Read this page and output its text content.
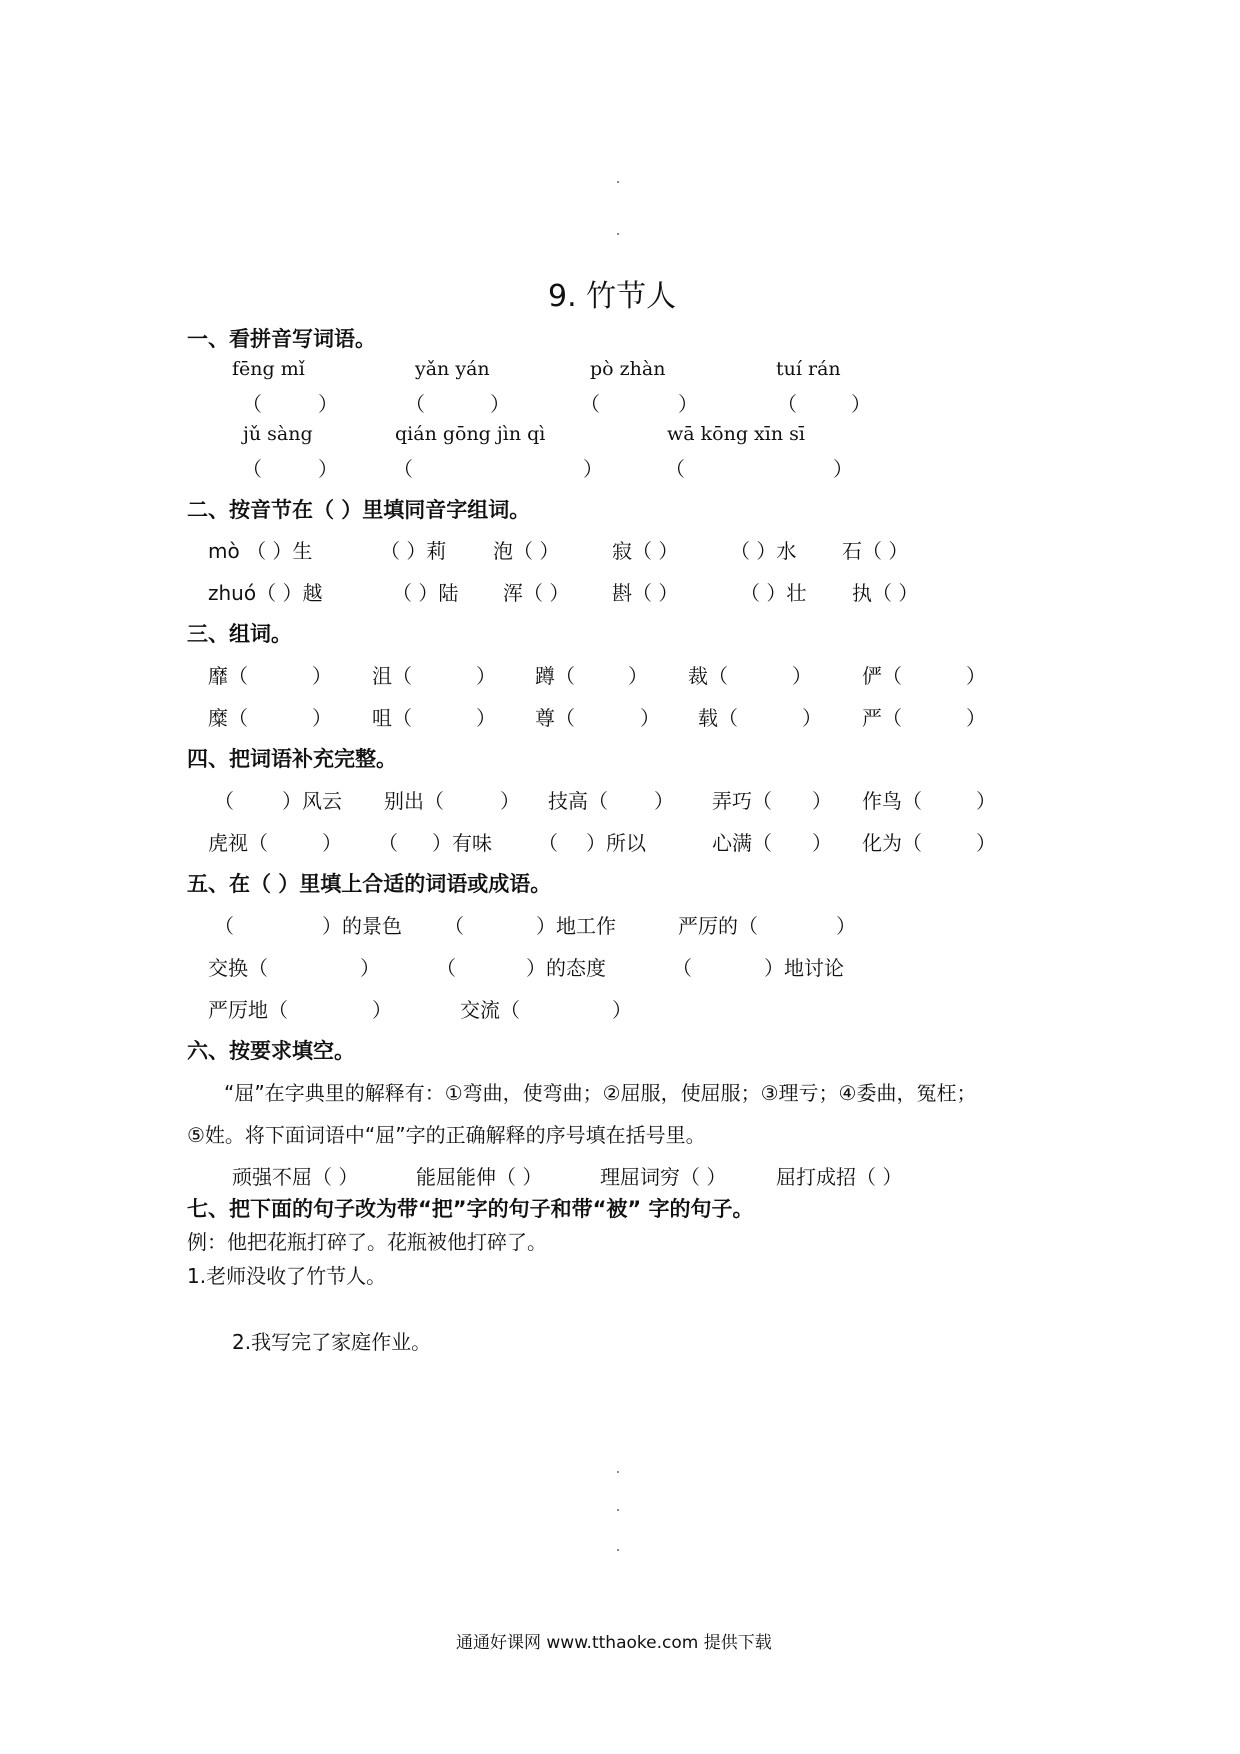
9. 竹节人
一、看拼音写词语。
fēng mǐ	yǎn yán	pò zhàn	tuí rán
（	）	（	）	（	）	（	）
jǔ sàng	qián gōng jìn qì	wā kōng xīn sī
（	）	（	）	（	）
二、按音节在（ ）里填同音字组词。
mò （ ）生	（ ）莉 泡（ ）	寂（ ）	（ ）水 石（ ）
zhuó（ ）越	（ ）陆 浑（ ） 斟（ ）	（ ）壮 执（ ）
三、组词。
靡（	） 沮（	） 蹲（	） 裁（	）	俨（	）
糜（	） 咀（	） 尊（	） 载（	） 严（	）
四、把词语补充完整。
（ ）风云 别出（	） 技高（ ） 弄巧（ ） 作鸟（	）
虎视（	） （ ）有味 （ ）所以	心满（ ） 化为（	）
五、在（ ）里填上合适的词语或成语。
（	）的景色 （	）地工作	严厉的（	）
交换（	）	（	）的态度	（	）地讨论
严厉地（	）	交流（	）
六、按要求填空。
“屈”在字典里的解释有：①弯曲，使弯曲；②屈服，使屈服；③理亏；④委曲，冤枉；
⑤姓。将下面词语中“屈”字的正确解释的序号填在括号里。
顽强不屈（ ）	能屈能伸（ ）	理屈词穷（ ） 屈打成招（ ）
七、把下面的句子改为带“把”字的句子和带“被” 字的句子。
例：他把花瓶打碎了。花瓶被他打碎了。
1.老师没收了竹节人。
2.我写完了家庭作业。
通通好课网 www.tthaoke.com 提供下载
